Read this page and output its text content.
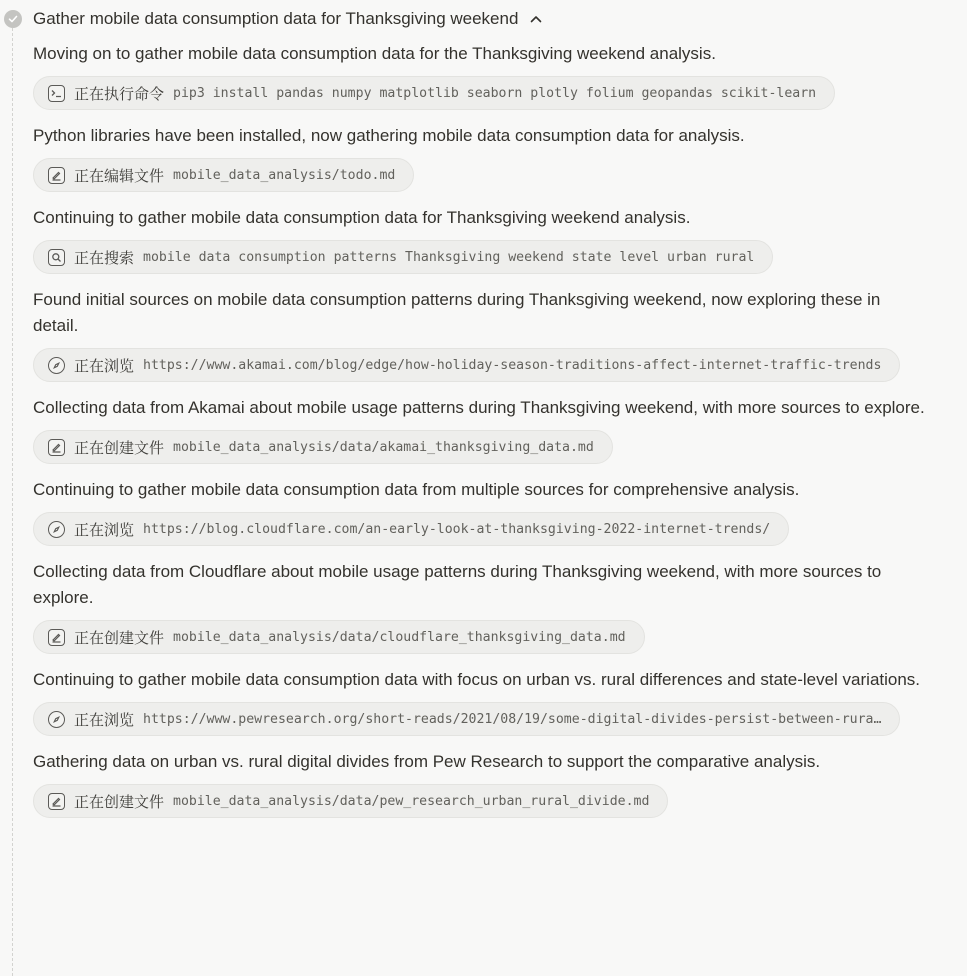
Gather mobile data consumption data for Thanksgiving weekend

Moving on to gather mobile data consumption data for the Thanksgiving weekend analysis.

正在执行命令 pip3 install pandas numpy matplotlib seaborn plotly folium geopandas scikit-learn

Python libraries have been installed, now gathering mobile data consumption data for analysis.

正在编辑文件 mobile_data_analysis/todo.md

Continuing to gather mobile data consumption data for Thanksgiving weekend analysis.

正在搜索 mobile data consumption patterns Thanksgiving weekend state level urban rural

Found initial sources on mobile data consumption patterns during Thanksgiving weekend, now exploring these in detail.

正在浏览 https://www.akamai.com/blog/edge/how-holiday-season-traditions-affect-internet-traffic-trends

Collecting data from Akamai about mobile usage patterns during Thanksgiving weekend, with more sources to explore.

正在创建文件 mobile_data_analysis/data/akamai_thanksgiving_data.md

Continuing to gather mobile data consumption data from multiple sources for comprehensive analysis.

正在浏览 https://blog.cloudflare.com/an-early-look-at-thanksgiving-2022-internet-trends/

Collecting data from Cloudflare about mobile usage patterns during Thanksgiving weekend, with more sources to explore.

正在创建文件 mobile_data_analysis/data/cloudflare_thanksgiving_data.md

Continuing to gather mobile data consumption data with focus on urban vs. rural differences and state-level variations.

正在浏览 https://www.pewresearch.org/short-reads/2021/08/19/some-digital-divides-persist-between-rura…

Gathering data on urban vs. rural digital divides from Pew Research to support the comparative analysis.

正在创建文件 mobile_data_analysis/data/pew_research_urban_rural_divide.md
